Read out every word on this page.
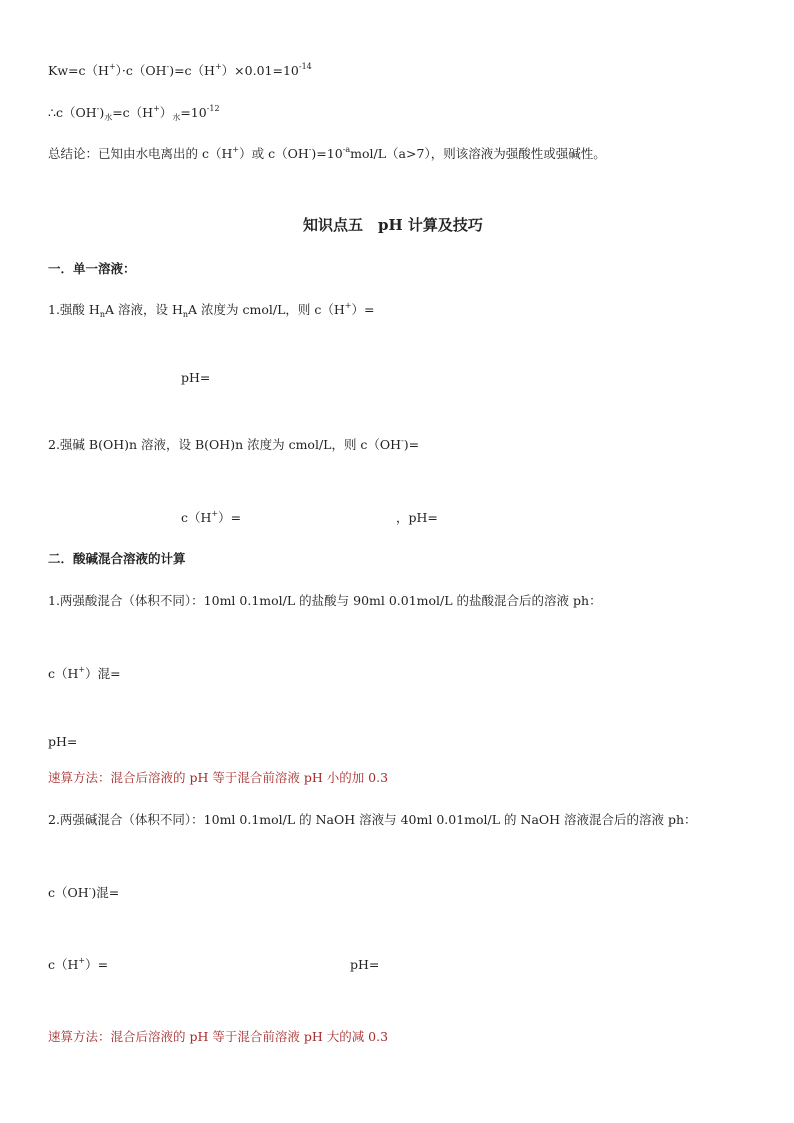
$Kw=c(H^+)\cdot c(OH^-)=c(H^+)\times 0.01=10^{-14}$
$\therefore c(OH^-)_水=c(H^+)_水=10^{-12}$
总结论：已知由水电离出的 c（H+）或 $c(OH^-)=10^{-a}mol/L(a>7)$，则该溶液为强酸性或强碱性。
知识点五　pH 计算及技巧
一．单一溶液：
1.强酸 $H_nA$ 溶液，设 $H_nA$ 浓度为 cmol/L，则 c（H+）=
pH=
2.强碱 B(OH)n 溶液，设 B(OH)n 浓度为 cmol/L，则 c（OH-)=
c（H+）=	，pH=
二．酸碱混合溶液的计算
1.两强酸混合（体积不同）：10ml 0.1mol/L 的盐酸与 90ml 0.01mol/L 的盐酸混合后的溶液 ph：
c（H+）混=
pH=
速算方法：混合后溶液的 pH 等于混合前溶液 pH 小的加 0.3
2.两强碱混合（体积不同）：10ml 0.1mol/L 的 NaOH 溶液与 40ml 0.01mol/L 的 NaOH 溶液混合后的溶液 ph：
c（OH-)混=
c（H+）=	pH=
速算方法：混合后溶液的 pH 等于混合前溶液 pH 大的减 0.3
